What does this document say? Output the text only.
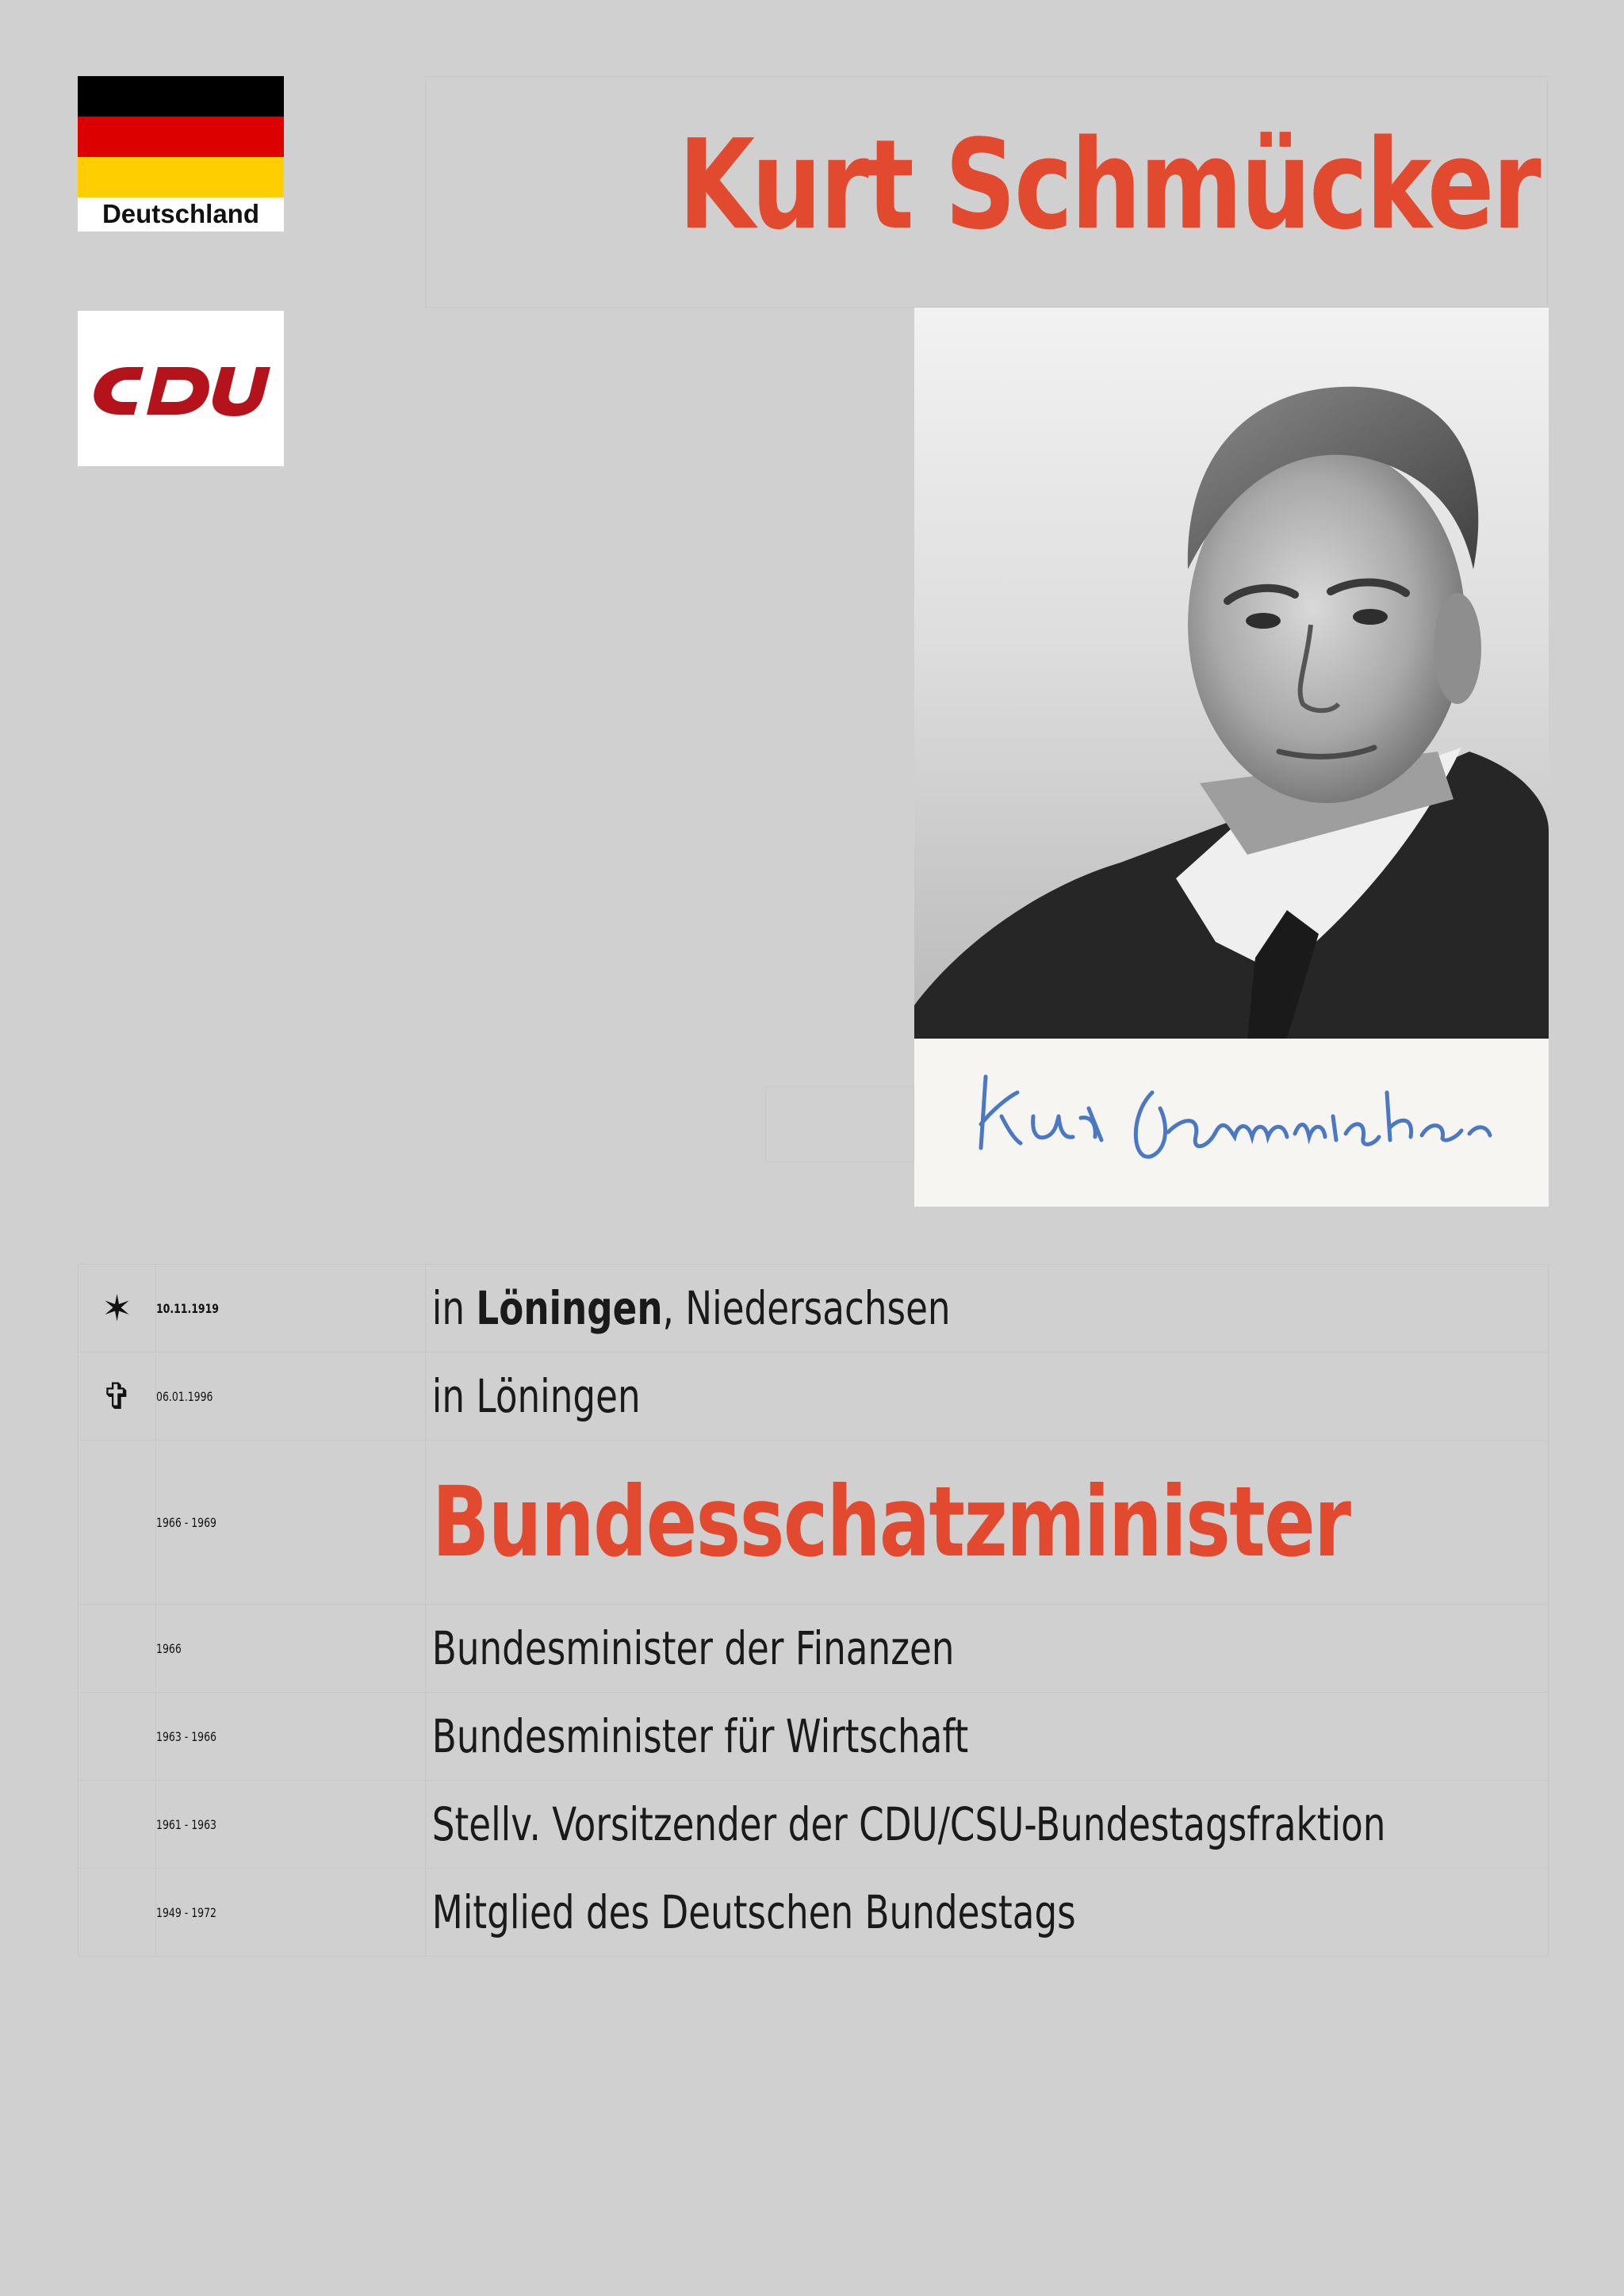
Deutschland	Kurt Schmücker
✶	10.11.1919	in Löningen, Niedersachsen
✞	06.01.1996	in Löningen
	1966 - 1969	Bundesschatzminister
	1966	Bundesminister der Finanzen
	1963 - 1966	Bundesminister für Wirtschaft
	1961 - 1963	Stellv. Vorsitzender der CDU/CSU-Bundestagsfraktion
	1949 - 1972	Mitglied des Deutschen Bundestags
